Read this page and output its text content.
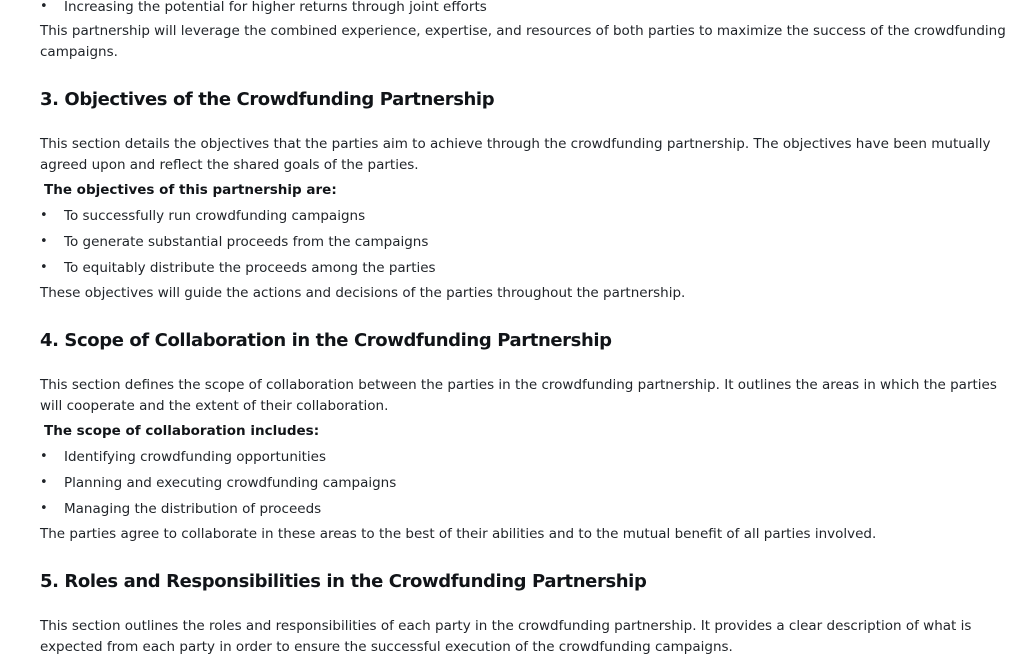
• Increasing the potential for higher returns through joint efforts

This partnership will leverage the combined experience, expertise, and resources of both parties to maximize the success of the crowdfunding campaigns.

3. Objectives of the Crowdfunding Partnership

This section details the objectives that the parties aim to achieve through the crowdfunding partnership. The objectives have been mutually agreed upon and reflect the shared goals of the parties.

The objectives of this partnership are:

• To successfully run crowdfunding campaigns
• To generate substantial proceeds from the campaigns
• To equitably distribute the proceeds among the parties

These objectives will guide the actions and decisions of the parties throughout the partnership.

4. Scope of Collaboration in the Crowdfunding Partnership

This section defines the scope of collaboration between the parties in the crowdfunding partnership. It outlines the areas in which the parties will cooperate and the extent of their collaboration.

The scope of collaboration includes:

• Identifying crowdfunding opportunities
• Planning and executing crowdfunding campaigns
• Managing the distribution of proceeds

The parties agree to collaborate in these areas to the best of their abilities and to the mutual benefit of all parties involved.

5. Roles and Responsibilities in the Crowdfunding Partnership

This section outlines the roles and responsibilities of each party in the crowdfunding partnership. It provides a clear description of what is expected from each party in order to ensure the successful execution of the crowdfunding campaigns.
